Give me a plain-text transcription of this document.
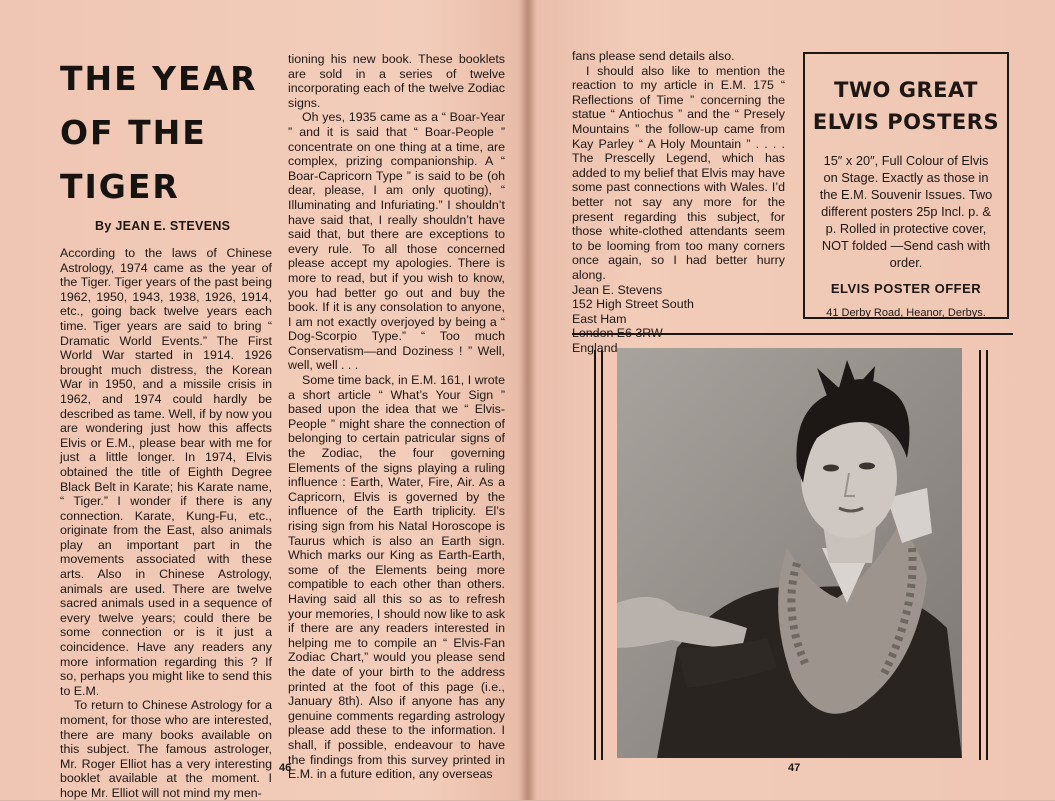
THE YEAR
OF THE
TIGER
By JEAN E. STEVENS

According to the laws of Chinese Astrology, 1974 came as the year of the Tiger. Tiger years of the past being 1962, 1950, 1943, 1938, 1926, 1914, etc., going back twelve years each time. Tiger years are said to bring “ Dramatic World Events.” The First World War started in 1914. 1926 brought much distress, the Korean War in 1950, and a missile crisis in 1962, and 1974 could hardly be described as tame. Well, if by now you are wondering just how this affects Elvis or E.M., please bear with me for just a little longer. In 1974, Elvis obtained the title of Eighth Degree Black Belt in Karate; his Karate name, “ Tiger.” I wonder if there is any connection. Karate, Kung-Fu, etc., originate from the East, also animals play an important part in the movements associated with these arts. Also in Chinese Astrology, animals are used. There are twelve sacred animals used in a sequence of every twelve years; could there be some connection or is it just a coincidence. Have any readers any more information regarding this ? If so, perhaps you might like to send this to E.M.

To return to Chinese Astrology for a moment, for those who are interested, there are many books available on this subject. The famous astrologer, Mr. Roger Elliot has a very interesting booklet available at the moment. I hope Mr. Elliot will not mind my men-

tioning his new book. These booklets are sold in a series of twelve incorporating each of the twelve Zodiac signs.

Oh yes, 1935 came as a “ Boar-Year ” and it is said that “ Boar-People ” concentrate on one thing at a time, are complex, prizing companionship. A “ Boar-Capricorn Type ” is said to be (oh dear, please, I am only quoting), “ Illuminating and Infuriating.” I shouldn’t have said that, I really shouldn’t have said that, but there are exceptions to every rule. To all those concerned please accept my apologies. There is more to read, but if you wish to know, you had better go out and buy the book. If it is any consolation to anyone, I am not exactly overjoyed by being a “ Dog-Scorpio Type.” “ Too much Conservatism—and Doziness ! ” Well, well, well . . .

Some time back, in E.M. 161, I wrote a short article “ What’s Your Sign ” based upon the idea that we “ Elvis-People ” might share the connection of belonging to certain patricular signs of the Zodiac, the four governing Elements of the signs playing a ruling influence : Earth, Water, Fire, Air. As a Capricorn, Elvis is governed by the influence of the Earth triplicity. El’s rising sign from his Natal Horoscope is Taurus which is also an Earth sign. Which marks our King as Earth-Earth, some of the Elements being more compatible to each other than others. Having said all this so as to refresh your memories, I should now like to ask if there are any readers interested in helping me to compile an “ Elvis-Fan Zodiac Chart,” would you please send the date of your birth to the address printed at the foot of this page (i.e., January 8th). Also if anyone has any genuine comments regarding astrology please add these to the information. I shall, if possible, endeavour to have the findings from this survey printed in E.M. in a future edition, any overseas

46

fans please send details also.

I should also like to mention the reaction to my article in E.M. 175 “ Reflections of Time ” concerning the statue “ Antiochus ” and the “ Presely Mountains ” the follow-up came from Kay Parley “ A Holy Mountain ” . . . . The Prescelly Legend, which has added to my belief that Elvis may have some past connections with Wales. I’d better not say any more for the present regarding this subject, for those white-clothed attendants seem to be looming from too many corners once again, so I had better hurry along.

Jean E. Stevens
152 High Street South
East Ham
London E6 3RW
England
TWO GREAT
ELVIS POSTERS
15″ x 20″, Full Colour of Elvis on Stage. Exactly as those in the E.M. Souvenir Issues. Two different posters 25p Incl. p. & p. Rolled in protective cover, NOT folded —Send cash with order.
ELVIS POSTER OFFER
41 Derby Road, Heanor, Derbys.
47
